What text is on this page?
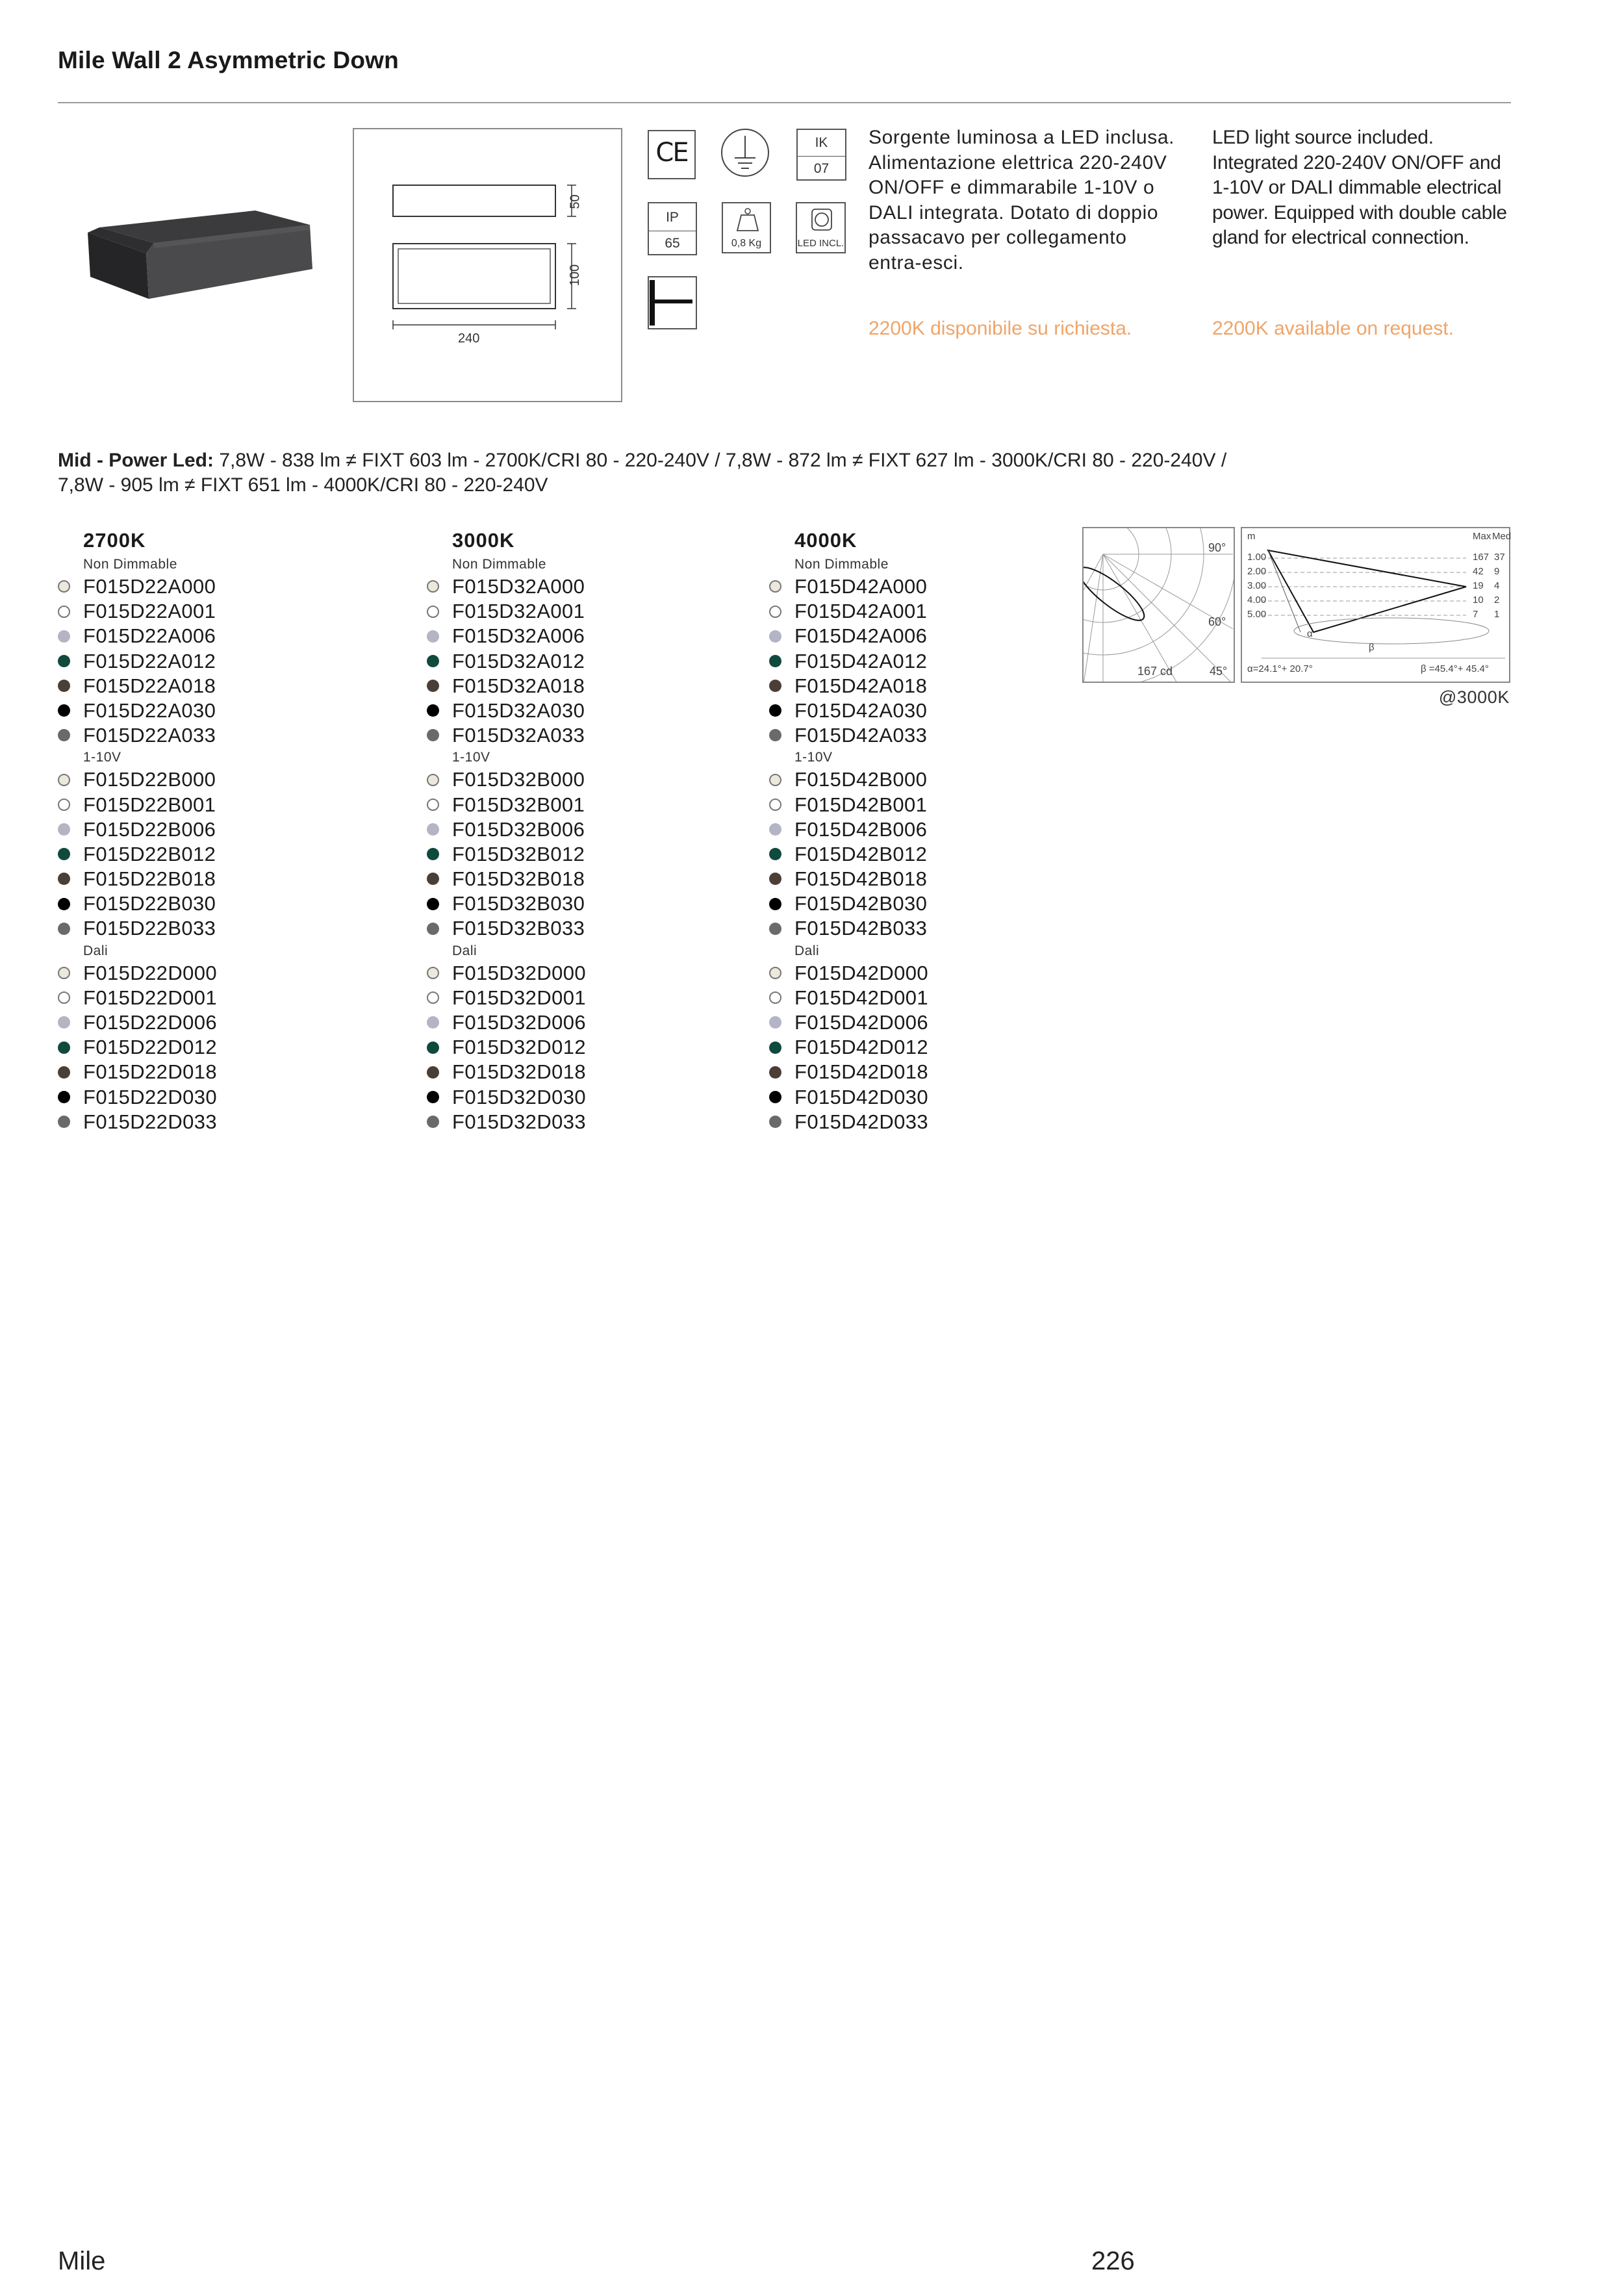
Mile Wall 2 Asymmetric Down
50
100
240
CE	IK
07
IP
65	0,8 Kg	LED INCL.
Sorgente luminosa a LED inclusa. Alimentazione elettrica 220-240V ON/OFF e dimmarabile 1-10V o DALI integrata. Dotato di doppio passacavo per collegamento entra-esci.
LED light source included. Integrated 220-240V ON/OFF and 1-10V or DALI dimmable electrical power. Equipped with double cable gland for electrical connection.
2200K disponibile su richiesta.	2200K available on request.
Mid - Power Led: 7,8W - 838 lm ≠ FIXT 603 lm - 2700K/CRI 80 - 220-240V / 7,8W - 872 lm ≠ FIXT 627 lm - 3000K/CRI 80 - 220-240V /
7,8W - 905 lm ≠ FIXT 651 lm - 4000K/CRI 80 - 220-240V
2700K
Non Dimmable
F015D22A000
F015D22A001
F015D22A006
F015D22A012
F015D22A018
F015D22A030
F015D22A033
1-10V
F015D22B000
F015D22B001
F015D22B006
F015D22B012
F015D22B018
F015D22B030
F015D22B033
Dali
F015D22D000
F015D22D001
F015D22D006
F015D22D012
F015D22D018
F015D22D030
F015D22D033
3000K
Non Dimmable
F015D32A000
F015D32A001
F015D32A006
F015D32A012
F015D32A018
F015D32A030
F015D32A033
1-10V
F015D32B000
F015D32B001
F015D32B006
F015D32B012
F015D32B018
F015D32B030
F015D32B033
Dali
F015D32D000
F015D32D001
F015D32D006
F015D32D012
F015D32D018
F015D32D030
F015D32D033
4000K
Non Dimmable
F015D42A000
F015D42A001
F015D42A006
F015D42A012
F015D42A018
F015D42A030
F015D42A033
1-10V
F015D42B000
F015D42B001
F015D42B006
F015D42B012
F015D42B018
F015D42B030
F015D42B033
Dali
F015D42D000
F015D42D001
F015D42D006
F015D42D012
F015D42D018
F015D42D030
F015D42D033
90°
60°
45°
167 cd
m	Max Med
1.00	167 37
2.00	42 9
3.00	19 4
4.00	10 2
5.00	7 1
α
β
α=24.1°+ 20.7°	β =45.4°+ 45.4°
@3000K
Mile	226
